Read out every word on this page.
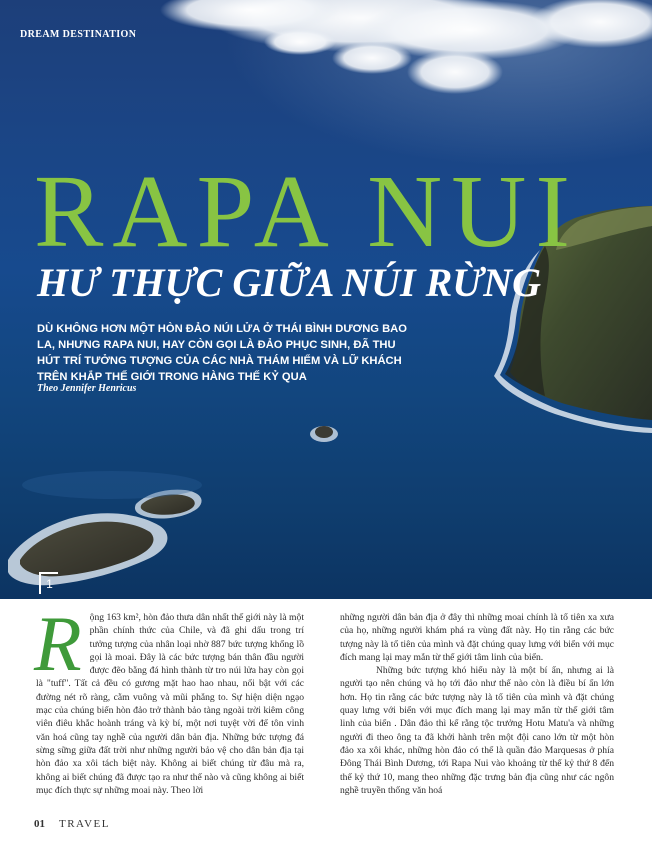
DREAM DESTINATION
RAPA NUI
HƯ THỰC GIỮA NÚI RỪNG
DÙ KHÔNG HƠN MỘT HÒN ĐẢO NÚI LỬA Ở THÁI BÌNH DƯƠNG BAO LA, NHƯNG RAPA NUI, HAY CÒN GỌI LÀ ĐẢO PHỤC SINH, ĐÃ THU HÚT TRÍ TƯỞNG TƯỢNG CỦA CÁC NHÀ THÁM HIỂM VÀ LỮ KHÁCH TRÊN KHẮP THẾ GIỚI TRONG HÀNG THẾ KỶ QUA
Theo Jennifer Henricus
1
R ộng 163 km², hòn đảo thưa dân nhất thế giới này là một phần chính thức của Chile, và đã ghi dấu trong trí tưởng tượng của nhân loại nhờ 887 bức tượng khổng lồ gọi là moai. Đây là các bức tượng bán thân đầu người được đẽo bằng đá hình thành từ tro núi lửa hay còn gọi là "tuff". Tất cả đều có gương mặt hao hao nhau, nổi bật với các đường nét rõ ràng, cằm vuông và mũi phẳng to. Sự hiện diện ngạo mạc của chúng biến hòn đảo trở thành bảo tàng ngoài trời kiêm công viên điêu khắc hoành tráng và kỳ bí, một nơi tuyệt vời để tôn vinh văn hoá cũng tay nghề của người dân bản địa. Những bức tượng đá sừng sững giữa đất trời như những người bảo vệ cho dân bản địa tại hòn đảo xa xôi tách biệt này. Không ai biết chúng từ đâu mà ra, không ai biết chúng đã được tạo ra như thế nào và cũng không ai biết mục đích thực sự những moai này. Theo lời

những người dân bản địa ở đây thì những moai chính là tổ tiên xa xưa của họ, những người khám phá ra vùng đất này. Họ tin rằng các bức tượng này là tổ tiên của mình và đặt chúng quay lưng với biển với mục đích mang lại may mắn từ thế giới tâm linh của biển.

Những bức tượng khó hiểu này là một bí ẩn, nhưng ai là người tạo nên chúng và họ tới đảo như thế nào còn là điều bí ẩn lớn hơn. Họ tin rằng các bức tượng này là tổ tiên của mình và đặt chúng quay lưng với biển với mục đích mang lại may mắn từ thế giới tâm linh của biển . Dân đảo thì kể rằng tộc trưởng Hotu Matu'a và những người đi theo ông ta đã khởi hành trên một đội cano lớn từ một hòn đảo xa xôi khác, những hòn đảo có thể là quần đảo Marquesas ở phía Đông Thái Bình Dương, tới Rapa Nui vào khoảng từ thế kỷ thứ 8 đến thế kỷ thứ 10, mang theo những đặc trưng bản địa cũng như các ngôn nghề truyền thống văn hoá

01 TRAVEL
